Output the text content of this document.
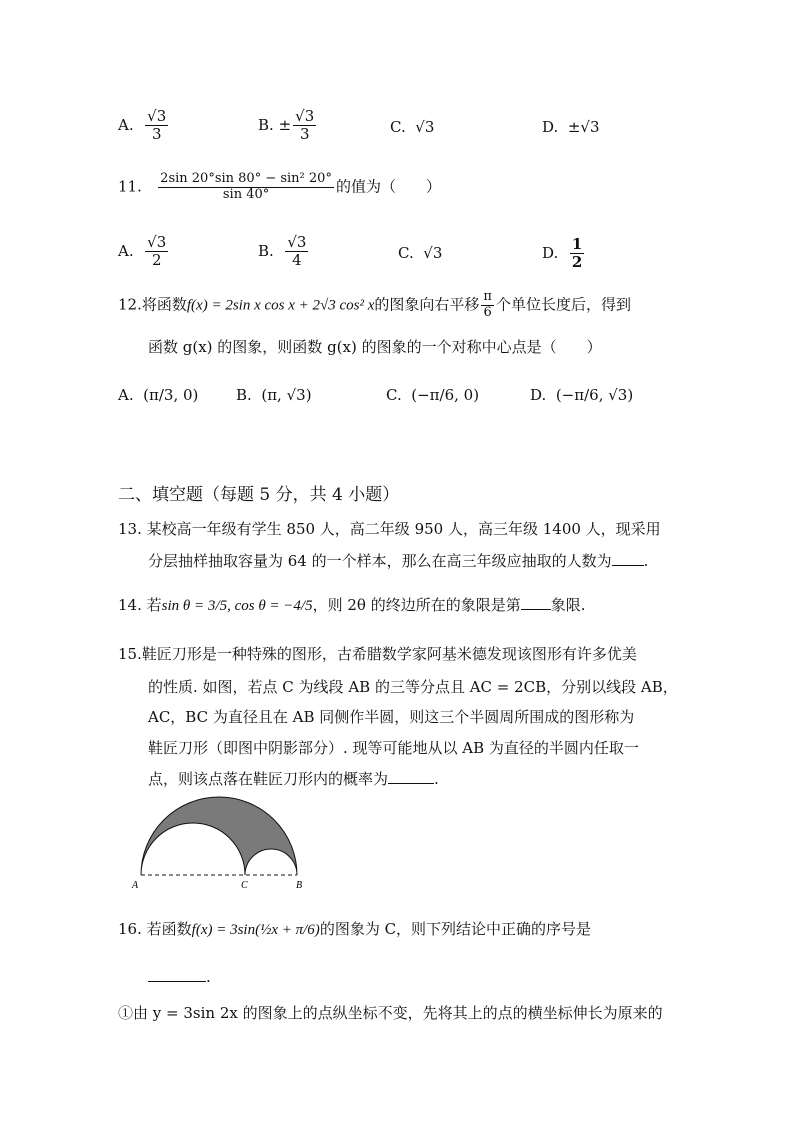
A. $\frac{√3}{3}$	B. ± $\frac{√3}{3}$	C. √3	D. ±√3
11. $\frac{\text{2sin 20°sin 80° − sin² 20°}}{\sin 40^\circ}$ 的值为（　　）
A. $\frac{√3}{2}$	B. $\frac{√3}{4}$	C. √3	D. $\frac{1}{2}$
12.将函数f(x) = 2sin x cos x + 2√3 cos² x的图象向右平移 $\frac{\pi}{6}$ 个单位长度后，得到
函数 g(x) 的图象，则函数 g(x) 的图象的一个对称中心点是（　　）
A. (π/3, 0)	B. (π, √3)	C. (−π/6, 0)	D. (−π/6, √3)
二、填空题（每题 5 分，共 4 小题）
13. 某校高一年级有学生 850 人，高二年级 950 人，高三年级 1400 人，现采用
分层抽样抽取容量为 64 的一个样本，那么在高三年级应抽取的人数为 .
14. 若sin θ = 3/5, cos θ = −4/5，则 2θ 的终边所在的象限是第 象限.
15.鞋匠刀形是一种特殊的图形，古希腊数学家阿基米德发现该图形有许多优美
的性质. 如图，若点 C 为线段 AB 的三等分点且 AC = 2CB，分别以线段 AB，
AC，BC 为直径且在 AB 同侧作半圆，则这三个半圆周所围成的图形称为
鞋匠刀形（即图中阴影部分）. 现等可能地从以 AB 为直径的半圆内任取一
点，则该点落在鞋匠刀形内的概率为	.
A	C	B
16. 若函数f(x) = 3sin(½x + π/6)的图象为 C，则下列结论中正确的序号是
.
①由 y = 3sin 2x 的图象上的点纵坐标不变，先将其上的点的横坐标伸长为原来的
